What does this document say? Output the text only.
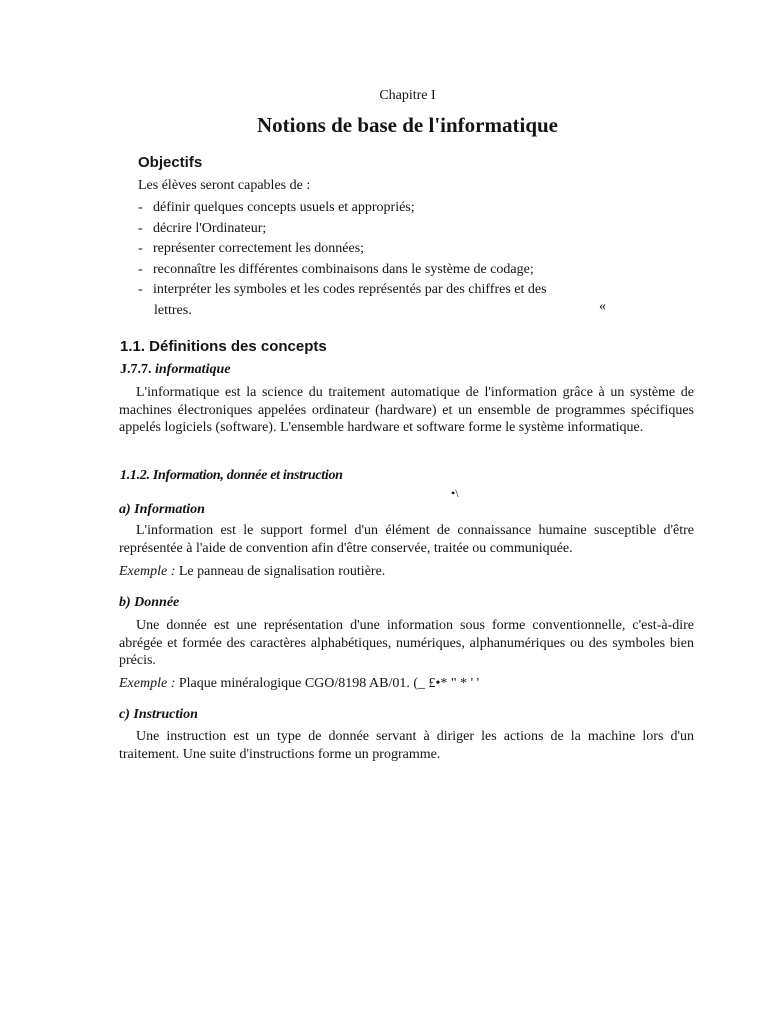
Chapitre I

Notions de base de l'informatique
Objectifs

Les élèves seront capables de :

- définir quelques concepts usuels et appropriés;
- décrire l'Ordinateur;
- représenter correctement les données;
- reconnaître les différentes combinaisons dans le système de codage;
- interpréter les symboles et les codes représentés par des chiffres et des
lettres.	«
1.1. Définitions des concepts
J.7.7. informatique

L'informatique est la science du traitement automatique de l'information grâce à un système de machines électroniques appelées ordinateur (hardware) et un ensemble de programmes spécifiques appelés logiciels (software). L'ensemble hardware et software forme le système informatique.

1.1.2. Information, donnée et instruction
•\
a) Information

L'information est le support formel d'un élément de connaissance humaine susceptible d'être représentée à l'aide de convention afin d'être conservée, traitée ou communiquée.

Exemple : Le panneau de signalisation routière.

b) Donnée

Une donnée est une représentation d'une information sous forme conventionnelle, c'est-à-dire abrégée et formée des caractères alphabétiques, numériques, alphanumériques ou des symboles bien précis.

Exemple : Plaque minéralogique CGO/8198 AB/01. (_ £•* " * ' '

c) Instruction

Une instruction est un type de donnée servant à diriger les actions de la machine lors d'un traitement. Une suite d'instructions forme un programme.
